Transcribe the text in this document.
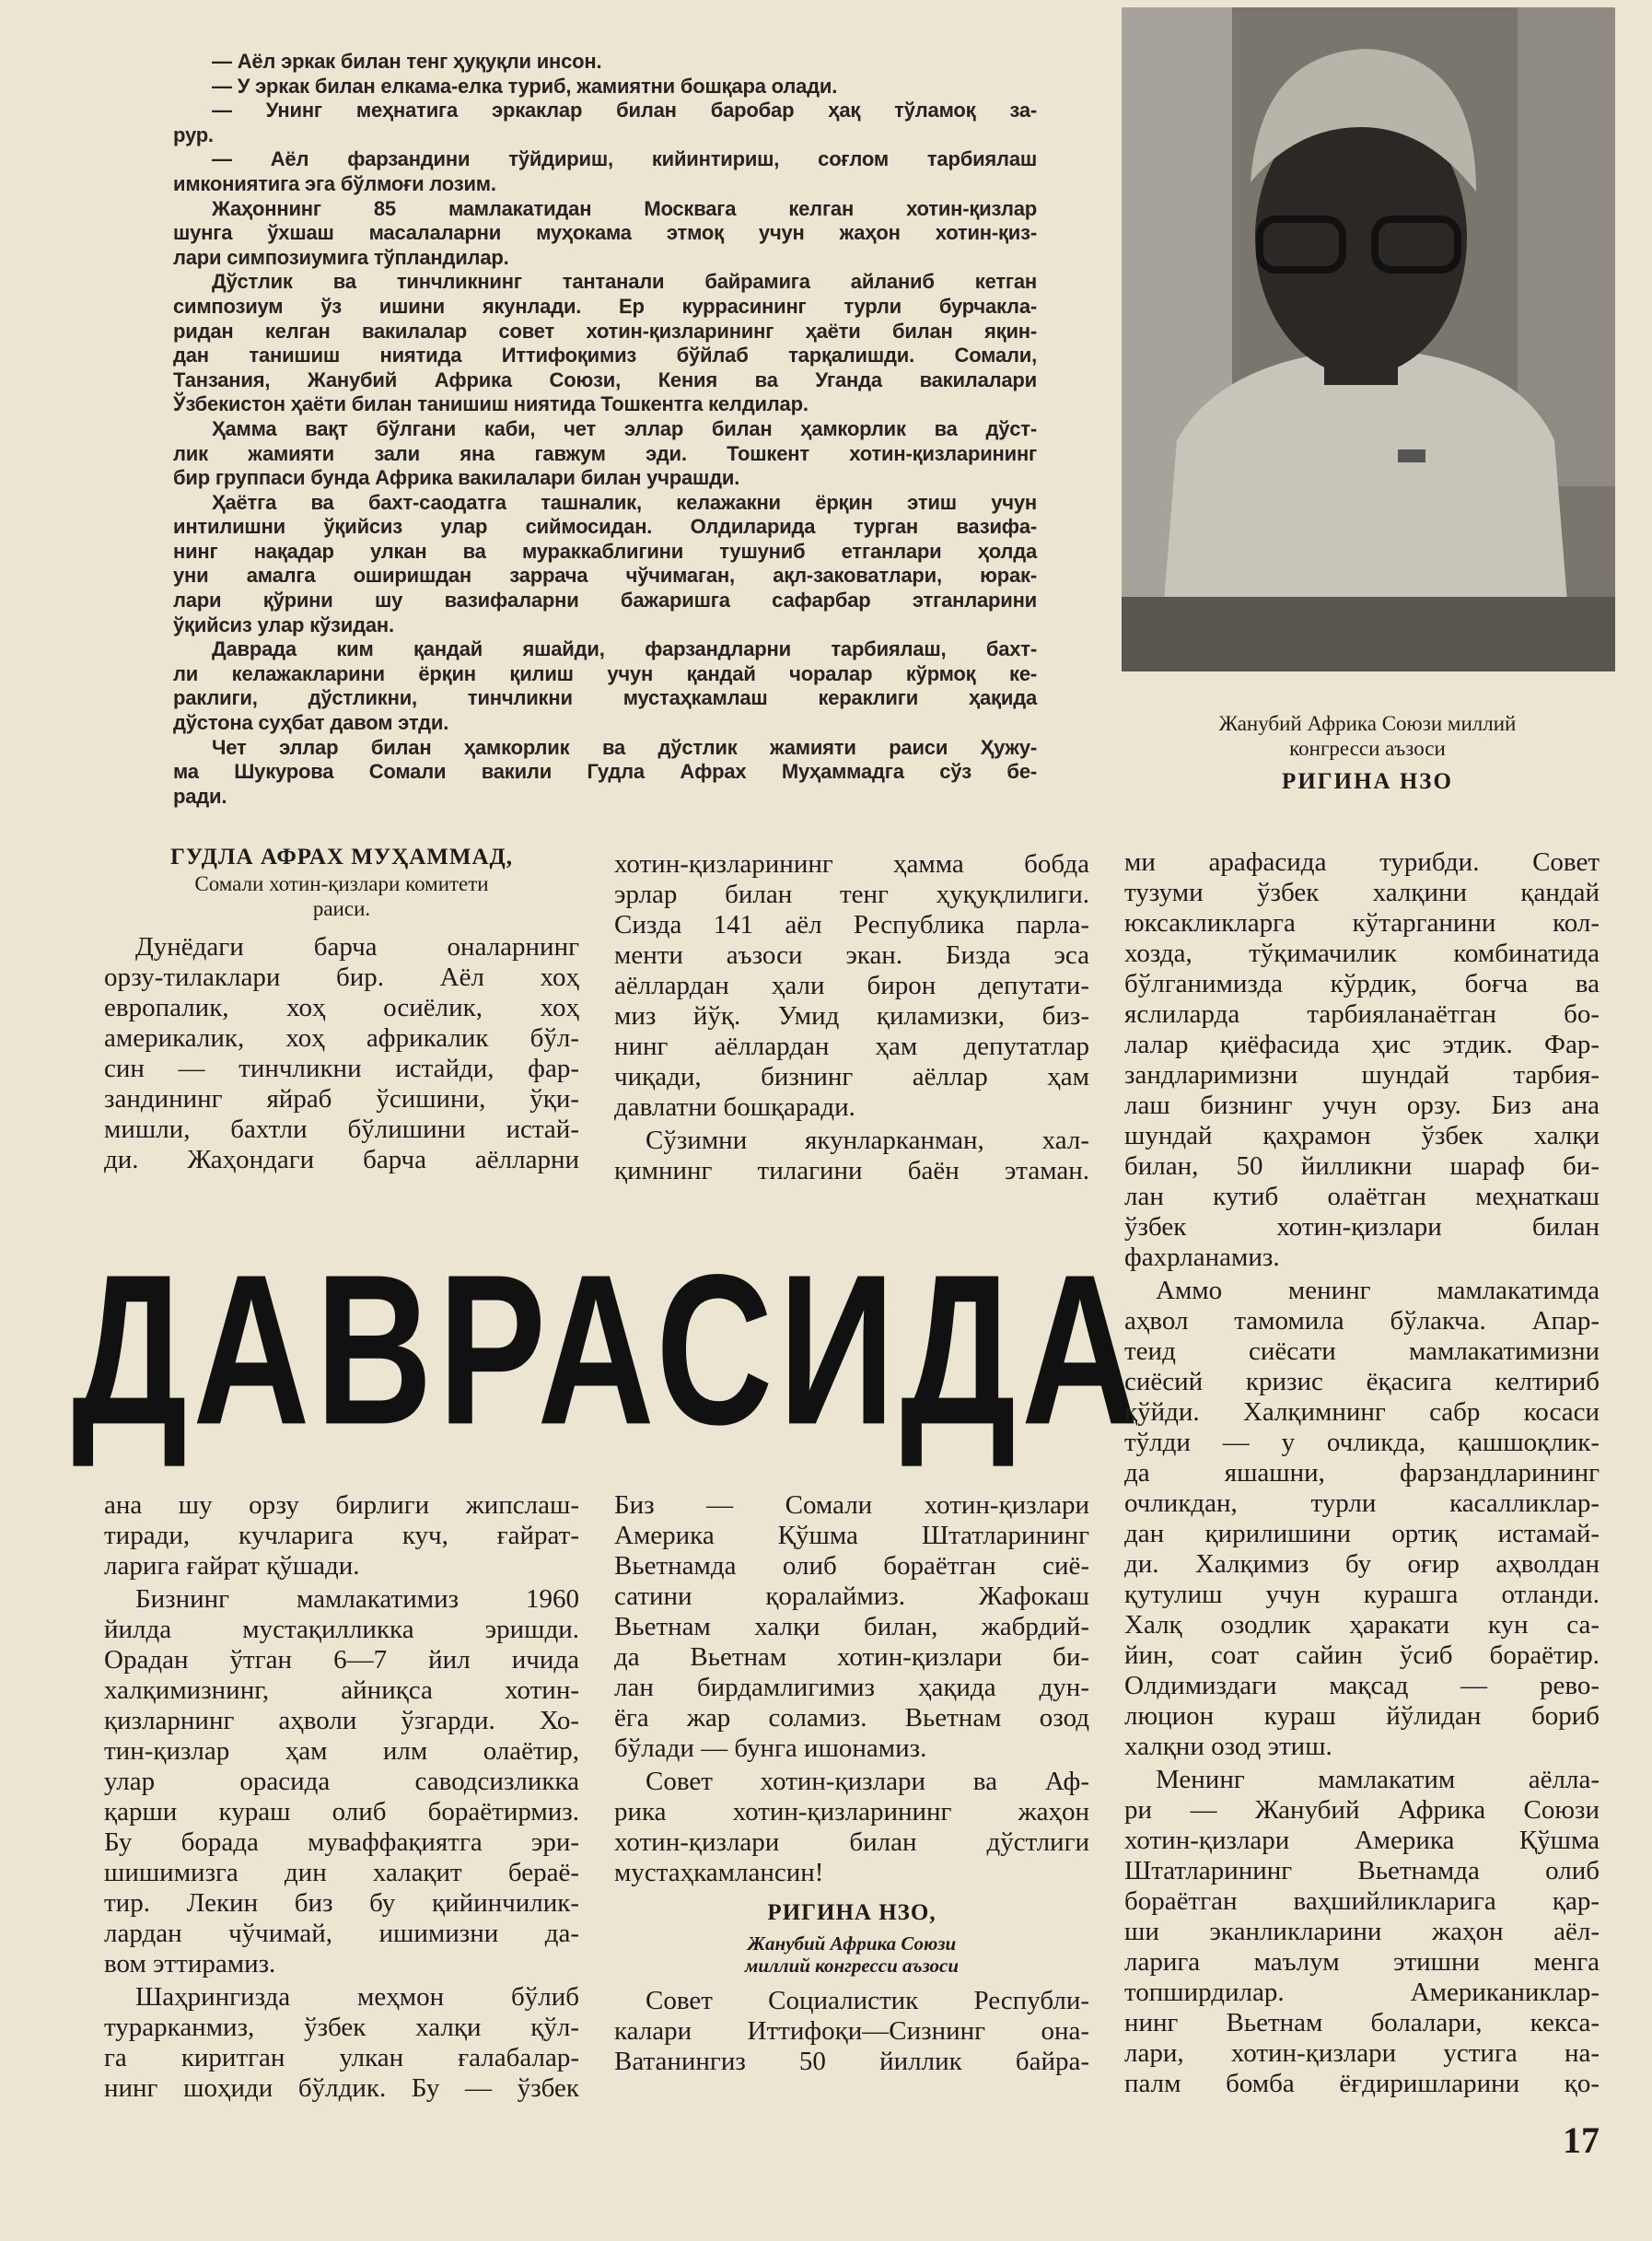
— Аёл эркак билан тенг ҳуқуқли инсон.
— У эркак билан елкама-елка туриб, жамиятни бошқара олади.
— Унинг меҳнатига эркаклар билан баробар ҳақ тўламоқ за-
рур.
— Аёл фарзандини тўйдириш, кийинтириш, соғлом тарбиялаш
имкониятига эга бўлмоғи лозим.
Жаҳоннинг 85 мамлакатидан Москвага келган хотин-қизлар
шунга ўхшаш масалаларни муҳокама этмоқ учун жаҳон хотин-қиз-
лари симпозиумига тўпландилар.
Дўстлик ва тинчликнинг тантанали байрамига айланиб кетган
симпозиум ўз ишини якунлади. Ер куррасининг турли бурчакла-
ридан келган вакилалар совет хотин-қизларининг ҳаёти билан яқин-
дан танишиш ниятида Иттифоқимиз бўйлаб тарқалишди. Сомали,
Танзания, Жанубий Африка Союзи, Кения ва Уганда вакилалари
Ўзбекистон ҳаёти билан танишиш ниятида Тошкентга келдилар.
Ҳамма вақт бўлгани каби, чет эллар билан ҳамкорлик ва дўст-
лик жамияти зали яна гавжум эди. Тошкент хотин-қизларининг
бир группаси бунда Африка вакилалари билан учрашди.
Ҳаётга ва бахт-саодатга ташналик, келажакни ёрқин этиш учун
интилишни ўқийсиз улар сиймосидан. Олдиларида турган вазифа-
нинг нақадар улкан ва мураккаблигини тушуниб етганлари ҳолда
уни амалга оширишдан заррача чўчимаган, ақл-заковатлари, юрак-
лари қўрини шу вазифаларни бажаришга сафарбар этганларини
ўқийсиз улар кўзидан.
Даврада ким қандай яшайди, фарзандларни тарбиялаш, бахт-
ли келажакларини ёрқин қилиш учун қандай чоралар кўрмоқ ке-
раклиги, дўстликни, тинчликни мустаҳкамлаш кераклиги ҳақида
дўстона суҳбат давом этди.
Чет эллар билан ҳамкорлик ва дўстлик жамияти раиси Ҳужу-
ма Шукурова Сомали вакили Гудла Афрах Муҳаммадга сўз бе-
ради.
Жанубий Африка Союзи миллий
конгресси аъзоси
РИГИНА НЗО
ГУДЛА АФРАХ МУҲАММАД,
Сомали хотин-қизлари комитети
раиси.
Дунёдаги барча оналарнинг
орзу-тилаклари бир. Аёл хоҳ
европалик, хоҳ осиёлик, хоҳ
америкалик, хоҳ африкалик бўл-
син — тинчликни истайди, фар-
зандининг яйраб ўсишини, ўқи-
мишли, бахтли бўлишини истай-
ди. Жаҳондаги барча аёлларни
хотин-қизларининг ҳамма бобда
эрлар билан тенг ҳуқуқлилиги.
Сизда 141 аёл Республика парла-
менти аъзоси экан. Бизда эса
аёллардан ҳали бирон депутати-
миз йўқ. Умид қиламизки, биз-
нинг аёллардан ҳам депутатлар
чиқади, бизнинг аёллар ҳам
давлатни бошқаради.
Сўзимни якунларканман, хал-
қимнинг тилагини баён этаман.
ДАВРАСИДА
ана шу орзу бирлиги жипслаш-
тиради, кучларига куч, ғайрат-
ларига ғайрат қўшади.
Бизнинг мамлакатимиз 1960
йилда мустақилликка эришди.
Орадан ўтган 6—7 йил ичида
халқимизнинг, айниқса хотин-
қизларнинг аҳволи ўзгарди. Хо-
тин-қизлар ҳам илм олаётир,
улар орасида саводсизликка
қарши кураш олиб бораётирмиз.
Бу борада муваффақиятга эри-
шишимизга дин халақит бераё-
тир. Лекин биз бу қийинчилик-
лардан чўчимай, ишимизни да-
вом эттирамиз.
Шаҳрингизда меҳмон бўлиб
турарканмиз, ўзбек халқи қўл-
га киритган улкан ғалабалар-
нинг шоҳиди бўлдик. Бу — ўзбек
Биз — Сомали хотин-қизлари
Америка Қўшма Штатларининг
Вьетнамда олиб бораётган сиё-
сатини қоралаймиз. Жафокаш
Вьетнам халқи билан, жабрдий-
да Вьетнам хотин-қизлари би-
лан бирдамлигимиз ҳақида дун-
ёга жар соламиз. Вьетнам озод
бўлади — бунга ишонамиз.
Совет хотин-қизлари ва Аф-
рика хотин-қизларининг жаҳон
хотин-қизлари билан дўстлиги
мустаҳкамлансин!
РИГИНА НЗО,
Жанубий Африка Союзи
миллий конгресси аъзоси
Совет Социалистик Республи-
калари Иттифоқи—Сизнинг она-
Ватанингиз 50 йиллик байра-
ми арафасида турибди. Совет
тузуми ўзбек халқини қандай
юксакликларга кўтарганини кол-
хозда, тўқимачилик комбинатида
бўлганимизда кўрдик, боғча ва
яслиларда тарбияланаётган бо-
лалар қиёфасида ҳис этдик. Фар-
зандларимизни шундай тарбия-
лаш бизнинг учун орзу. Биз ана
шундай қаҳрамон ўзбек халқи
билан, 50 йилликни шараф би-
лан кутиб олаётган меҳнаткаш
ўзбек хотин-қизлари билан
фахрланамиз.
Аммо менинг мамлакатимда
аҳвол тамомила бўлакча. Апар-
теид сиёсати мамлакатимизни
сиёсий кризис ёқасига келтириб
қўйди. Халқимнинг сабр косаси
тўлди — у очликда, қашшоқлик-
да яшашни, фарзандларининг
очликдан, турли касалликлар-
дан қирилишини ортиқ истамай-
ди. Халқимиз бу оғир аҳволдан
қутулиш учун курашга отланди.
Халқ озодлик ҳаракати кун са-
йин, соат сайин ўсиб бораётир.
Олдимиздаги мақсад — рево-
люцион кураш йўлидан бориб
халқни озод этиш.
Менинг мамлакатим аёлла-
ри — Жанубий Африка Союзи
хотин-қизлари Америка Қўшма
Штатларининг Вьетнамда олиб
бораётган ваҳшийликларига қар-
ши эканликларини жаҳон аёл-
ларига маълум этишни менга
топширдилар. Американиклар-
нинг Вьетнам болалари, кекса-
лари, хотин-қизлари устига на-
палм бомба ёғдиришларини қо-
17
